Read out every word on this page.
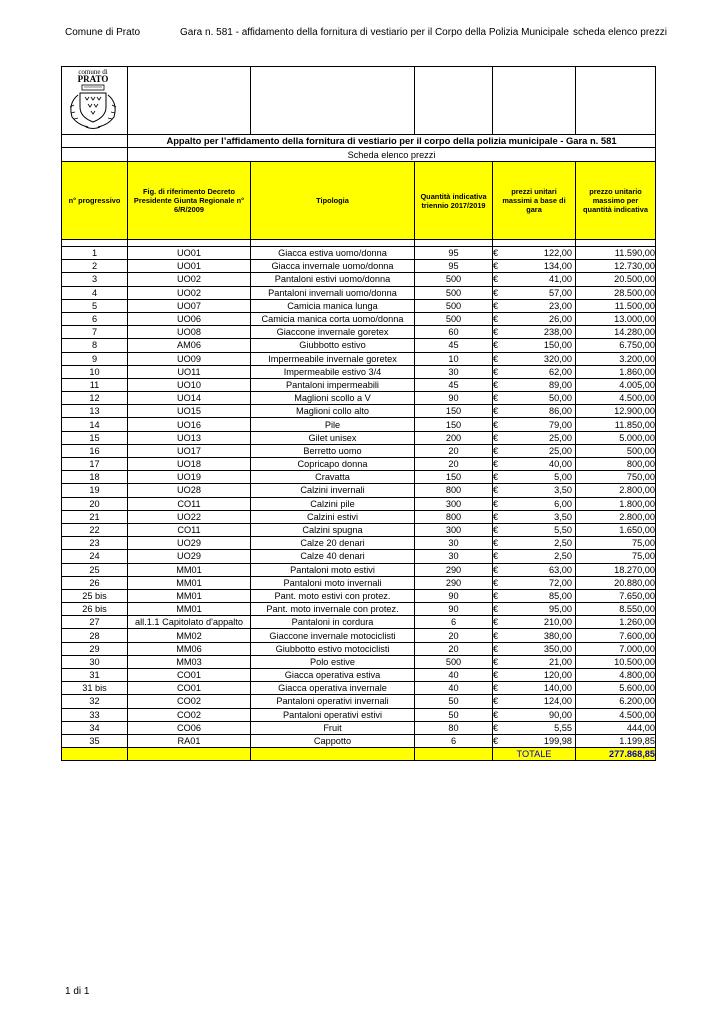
Comune di Prato	Gara n. 581 - affidamento della fornitura di vestiario per il Corpo della Polizia Municipale scheda elenco prezzi
comune di
PRATO					

	Appalto per l’affidamento della fornitura di vestiario per il corpo della polizia municipale - Gara n. 581				
	Scheda elenco prezzi				
n° progressivo	Fig. di riferimento Decreto Presidente Giunta Regionale n° 6/R/2009	Tipologia	Quantità indicativa triennio 2017/2019	prezzi unitari massimi a base di gara	prezzo unitario massimo per quantità indicativa

1	UO01	Giacca estiva uomo/donna	95	€ 122,00	11.590,00
2	UO01	Giacca invernale uomo/donna	95	€ 134,00	12.730,00
3	UO02	Pantaloni estivi uomo/donna	500	€ 41,00	20.500,00
4	UO02	Pantaloni invernali uomo/donna	500	€ 57,00	28.500,00
5	UO07	Camicia manica lunga	500	€ 23,00	11.500,00
6	UO06	Camicia manica corta uomo/donna	500	€ 26,00	13.000,00
7	UO08	Giaccone invernale goretex	60	€ 238,00	14.280,00
8	AM06	Giubbotto estivo	45	€ 150,00	6.750,00
9	UO09	Impermeabile invernale goretex	10	€ 320,00	3.200,00
10	UO11	Impermeabile estivo 3/4	30	€ 62,00	1.860,00
11	UO10	Pantaloni impermeabili	45	€ 89,00	4.005,00
12	UO14	Maglioni scollo a V	90	€ 50,00	4.500,00
13	UO15	Maglioni collo alto	150	€ 86,00	12.900,00
14	UO16	Pile	150	€ 79,00	11.850,00
15	UO13	Gilet unisex	200	€ 25,00	5.000,00
16	UO17	Berretto uomo	20	€ 25,00	500,00
17	UO18	Copricapo donna	20	€ 40,00	800,00
18	UO19	Cravatta	150	€ 5,00	750,00
19	UO28	Calzini invernali	800	€ 3,50	2.800,00
20	CO11	Calzini pile	300	€ 6,00	1.800,00
21	UO22	Calzini estivi	800	€ 3,50	2.800,00
22	CO11	Calzini spugna	300	€ 5,50	1.650,00
23	UO29	Calze 20 denari	30	€ 2,50	75,00
24	UO29	Calze 40 denari	30	€ 2,50	75,00
25	MM01	Pantaloni moto estivi	290	€ 63,00	18.270,00
26	MM01	Pantaloni moto invernali	290	€ 72,00	20.880,00
25 bis	MM01	Pant. moto estivi con protez.	90	€ 85,00	7.650,00
26 bis	MM01	Pant. moto invernale con protez.	90	€ 95,00	8.550,00
27	all.1.1 Capitolato d'appalto	Pantaloni in cordura	6	€ 210,00	1.260,00
28	MM02	Giaccone invernale motociclisti	20	€ 380,00	7.600,00
29	MM06	Giubbotto estivo motociclisti	20	€ 350,00	7.000,00
30	MM03	Polo estive	500	€ 21,00	10.500,00
31	CO01	Giacca operativa estiva	40	€ 120,00	4.800,00
31 bis	CO01	Giacca operativa invernale	40	€ 140,00	5.600,00
32	CO02	Pantaloni operativi invernali	50	€ 124,00	6.200,00
33	CO02	Pantaloni operativi estivi	50	€ 90,00	4.500,00
34	CO06	Fruit	80	€ 5,55	444,00
35	RA01	Cappotto	6	€ 199,98	1.199,85
				TOTALE	277.868,85
1 di 1
